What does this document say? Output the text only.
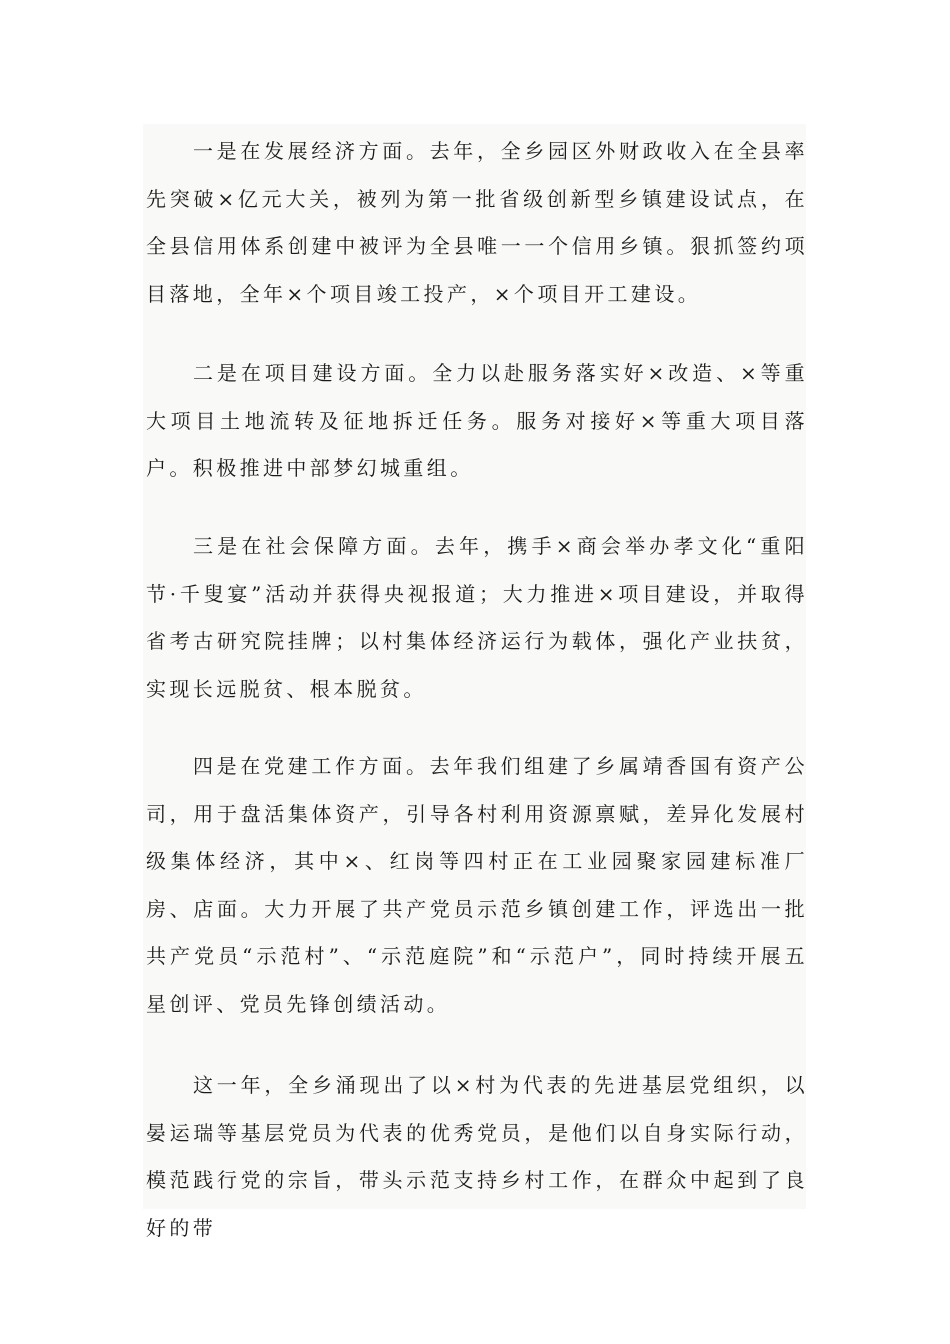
一是在发展经济方面。去年，全乡园区外财政收入在全县率先突破×亿元大关，被列为第一批省级创新型乡镇建设试点，在全县信用体系创建中被评为全县唯一一个信用乡镇。狠抓签约项目落地，全年×个项目竣工投产，×个项目开工建设。

二是在项目建设方面。全力以赴服务落实好×改造、×等重大项目土地流转及征地拆迁任务。服务对接好×等重大项目落户。积极推进中部梦幻城重组。

三是在社会保障方面。去年，携手×商会举办孝文化“重阳节·千叟宴”活动并获得央视报道；大力推进×项目建设，并取得省考古研究院挂牌；以村集体经济运行为载体，强化产业扶贫，实现长远脱贫、根本脱贫。

四是在党建工作方面。去年我们组建了乡属靖香国有资产公司，用于盘活集体资产，引导各村利用资源禀赋，差异化发展村级集体经济，其中×、红岗等四村正在工业园聚家园建标准厂房、店面。大力开展了共产党员示范乡镇创建工作，评选出一批共产党员“示范村”、“示范庭院”和“示范户”，同时持续开展五星创评、党员先锋创绩活动。

这一年，全乡涌现出了以×村为代表的先进基层党组织，以晏运瑞等基层党员为代表的优秀党员，是他们以自身实际行动，模范践行党的宗旨，带头示范支持乡村工作，在群众中起到了良好的带
